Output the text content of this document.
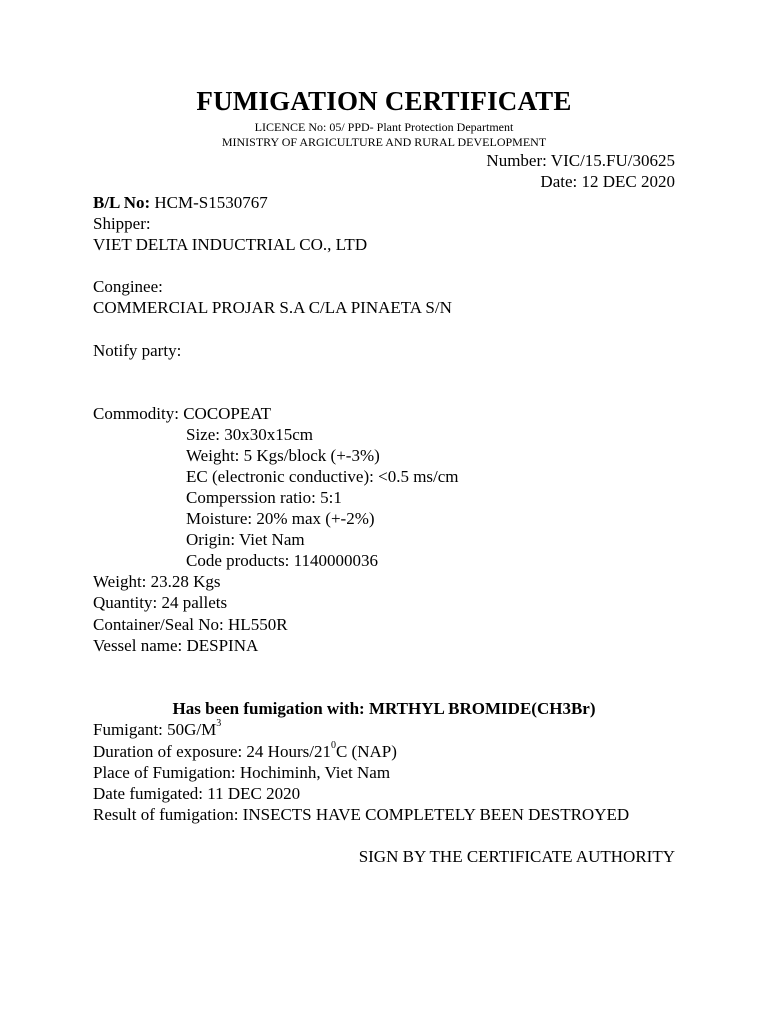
FUMIGATION CERTIFICATE
LICENCE No: 05/ PPD- Plant Protection Department
MINISTRY OF ARGICULTURE AND RURAL DEVELOPMENT
Number: VIC/15.FU/30625
Date: 12 DEC 2020
B/L No: HCM-S1530767
Shipper:
VIET DELTA INDUCTRIAL CO., LTD
Conginee:
COMMERCIAL PROJAR S.A C/LA PINAETA S/N
Notify party:
Commodity: COCOPEAT
Size: 30x30x15cm
Weight: 5 Kgs/block (+-3%)
EC (electronic conductive): <0.5 ms/cm
Comperssion ratio: 5:1
Moisture: 20% max (+-2%)
Origin: Viet Nam
Code products: 1140000036
Weight: 23.28 Kgs
Quantity: 24 pallets
Container/Seal No: HL550R
Vessel name: DESPINA
Has been fumigation with: MRTHYL BROMIDE(CH3Br)
Fumigant: $50G/M^3$
Duration of exposure: 24 Hours/$21^0C$ (NAP)
Place of Fumigation: Hochiminh, Viet Nam
Date fumigated: 11 DEC 2020
Result of fumigation: INSECTS HAVE COMPLETELY BEEN DESTROYED
SIGN BY THE CERTIFICATE AUTHORITY
